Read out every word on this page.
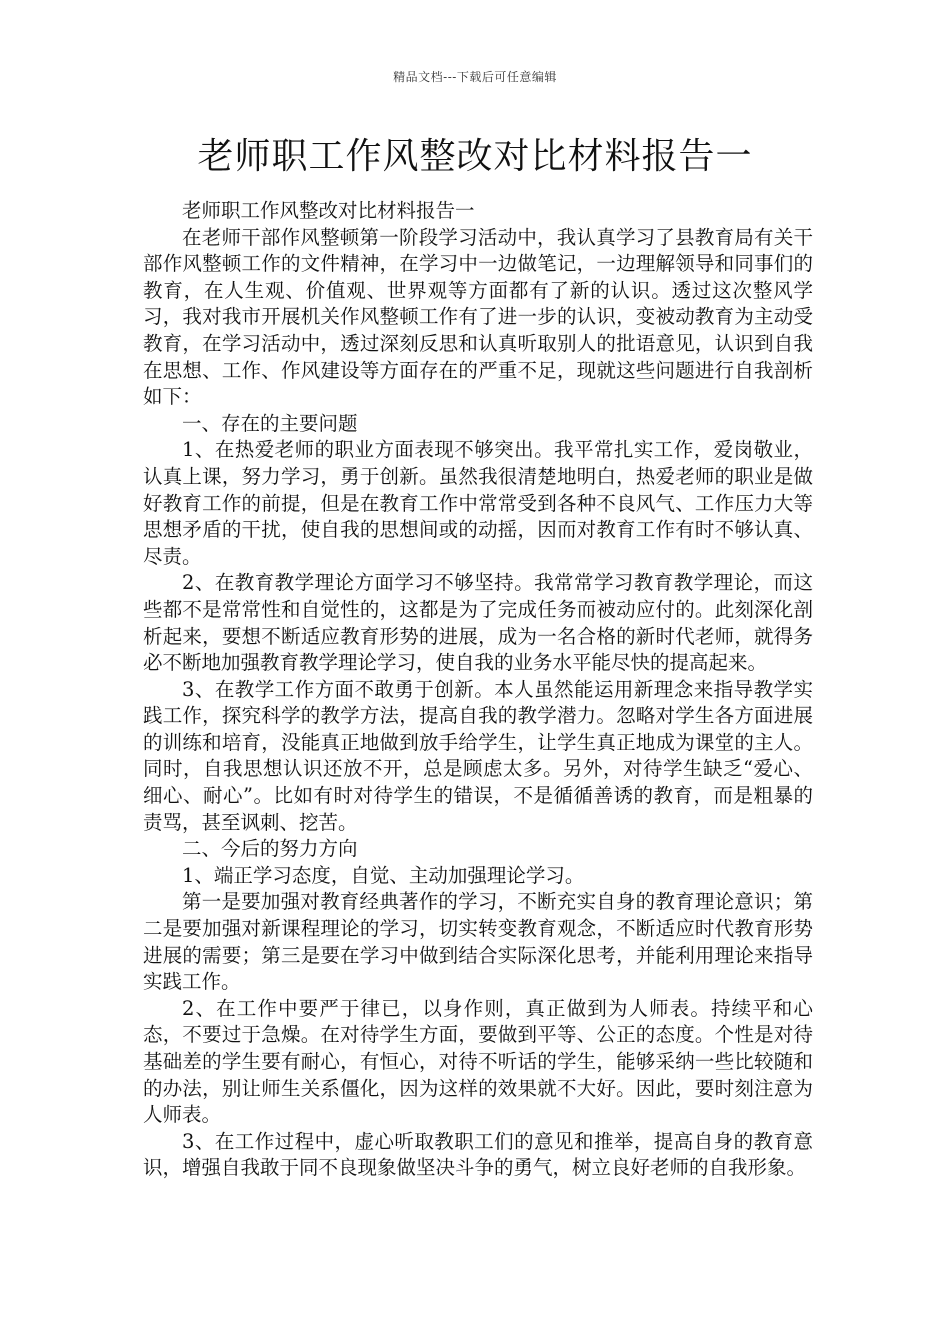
精品文档---下载后可任意编辑
老师职工作风整改对比材料报告一

老师职工作风整改对比材料报告一

在老师干部作风整顿第一阶段学习活动中，我认真学习了县教育局有关干部作风整顿工作的文件精神，在学习中一边做笔记，一边理解领导和同事们的教育，在人生观、价值观、世界观等方面都有了新的认识。透过这次整风学习，我对我市开展机关作风整顿工作有了进一步的认识，变被动教育为主动受教育，在学习活动中，透过深刻反思和认真听取别人的批语意见，认识到自我在思想、工作、作风建设等方面存在的严重不足，现就这些问题进行自我剖析如下：

一、存在的主要问题

1、在热爱老师的职业方面表现不够突出。我平常扎实工作，爱岗敬业，认真上课，努力学习，勇于创新。虽然我很清楚地明白，热爱老师的职业是做好教育工作的前提，但是在教育工作中常常受到各种不良风气、工作压力大等思想矛盾的干扰，使自我的思想间或的动摇，因而对教育工作有时不够认真、尽责。

2、在教育教学理论方面学习不够坚持。我常常学习教育教学理论，而这些都不是常常性和自觉性的，这都是为了完成任务而被动应付的。此刻深化剖析起来，要想不断适应教育形势的进展，成为一名合格的新时代老师，就得务必不断地加强教育教学理论学习，使自我的业务水平能尽快的提高起来。

3、在教学工作方面不敢勇于创新。本人虽然能运用新理念来指导教学实践工作，探究科学的教学方法，提高自我的教学潜力。忽略对学生各方面进展的训练和培育，没能真正地做到放手给学生，让学生真正地成为课堂的主人。同时，自我思想认识还放不开，总是顾虑太多。另外，对待学生缺乏“爱心、细心、耐心”。比如有时对待学生的错误，不是循循善诱的教育，而是粗暴的责骂，甚至讽刺、挖苦。

二、今后的努力方向

1、端正学习态度，自觉、主动加强理论学习。

第一是要加强对教育经典著作的学习，不断充实自身的教育理论意识；第二是要加强对新课程理论的学习，切实转变教育观念，不断适应时代教育形势进展的需要；第三是要在学习中做到结合实际深化思考，并能利用理论来指导实践工作。

2、在工作中要严于律已，以身作则，真正做到为人师表。持续平和心态，不要过于急燥。在对待学生方面，要做到平等、公正的态度。个性是对待基础差的学生要有耐心，有恒心，对待不听话的学生，能够采纳一些比较随和的办法，别让师生关系僵化，因为这样的效果就不大好。因此，要时刻注意为人师表。

3、在工作过程中，虚心听取教职工们的意见和推举，提高自身的教育意识，增强自我敢于同不良现象做坚决斗争的勇气，树立良好老师的自我形象。
